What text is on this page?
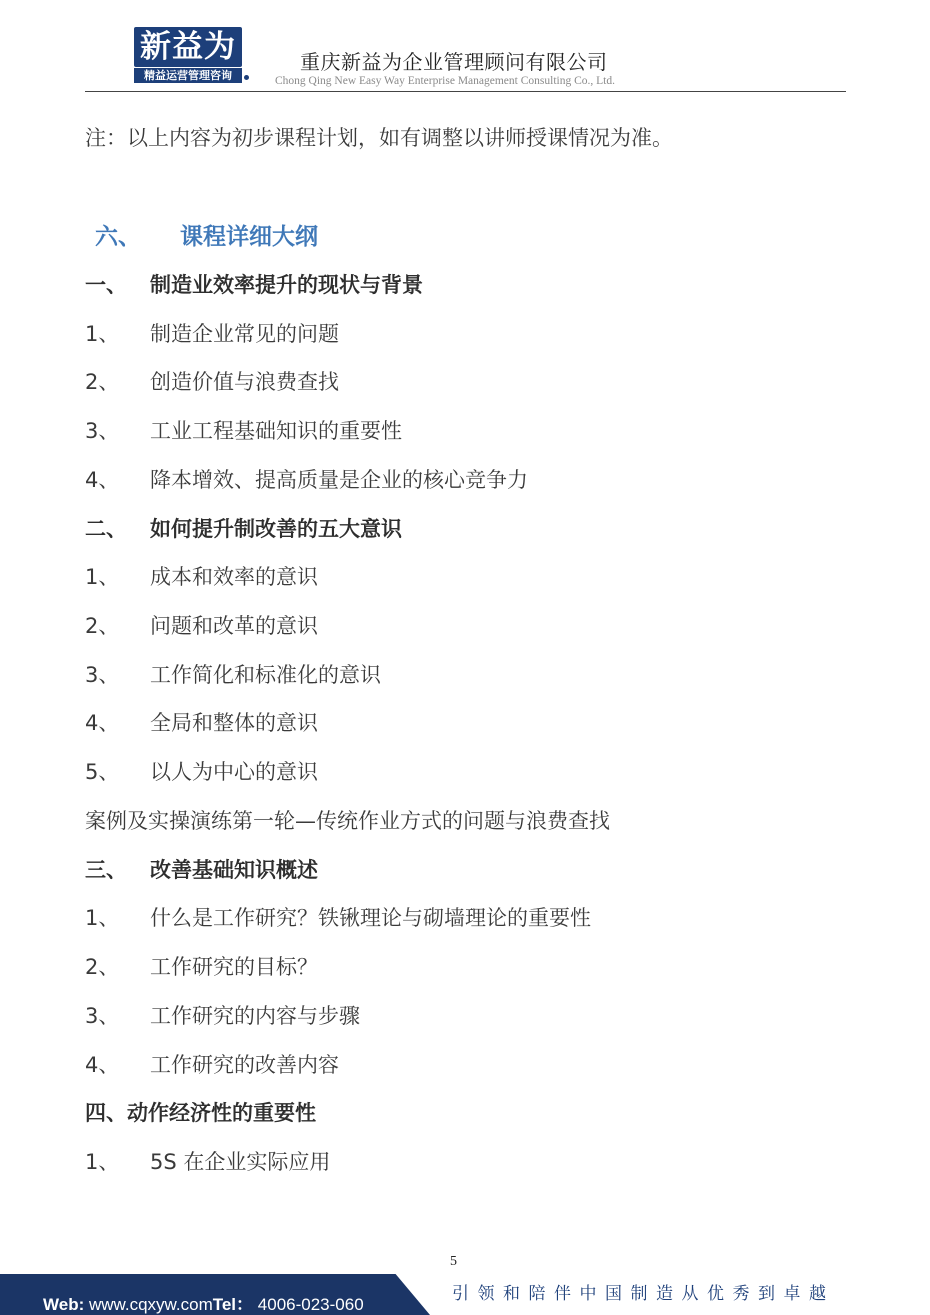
新益为
精益运营管理咨询
重庆新益为企业管理顾问有限公司
Chong Qing New Easy Way Enterprise Management Consulting Co., Ltd.
注：以上内容为初步课程计划，如有调整以讲师授课情况为准。
六、 课程详细大纲
一、 制造业效率提升的现状与背景
1、 制造企业常见的问题
2、 创造价值与浪费查找
3、 工业工程基础知识的重要性
4、 降本增效、提高质量是企业的核心竞争力
二、 如何提升制改善的五大意识
1、 成本和效率的意识
2、 问题和改革的意识
3、 工作简化和标准化的意识
4、 全局和整体的意识
5、 以人为中心的意识
案例及实操演练第一轮—传统作业方式的问题与浪费查找
三、 改善基础知识概述
1、 什么是工作研究？铁锹理论与砌墙理论的重要性
2、 工作研究的目标？
3、 工作研究的内容与步骤
4、 工作研究的改善内容
四、动作经济性的重要性
1、 5S 在企业实际应用
5
Web: www.cqxyw.comTel： 4006-023-060
引领和陪伴中国制造从优秀到卓越
